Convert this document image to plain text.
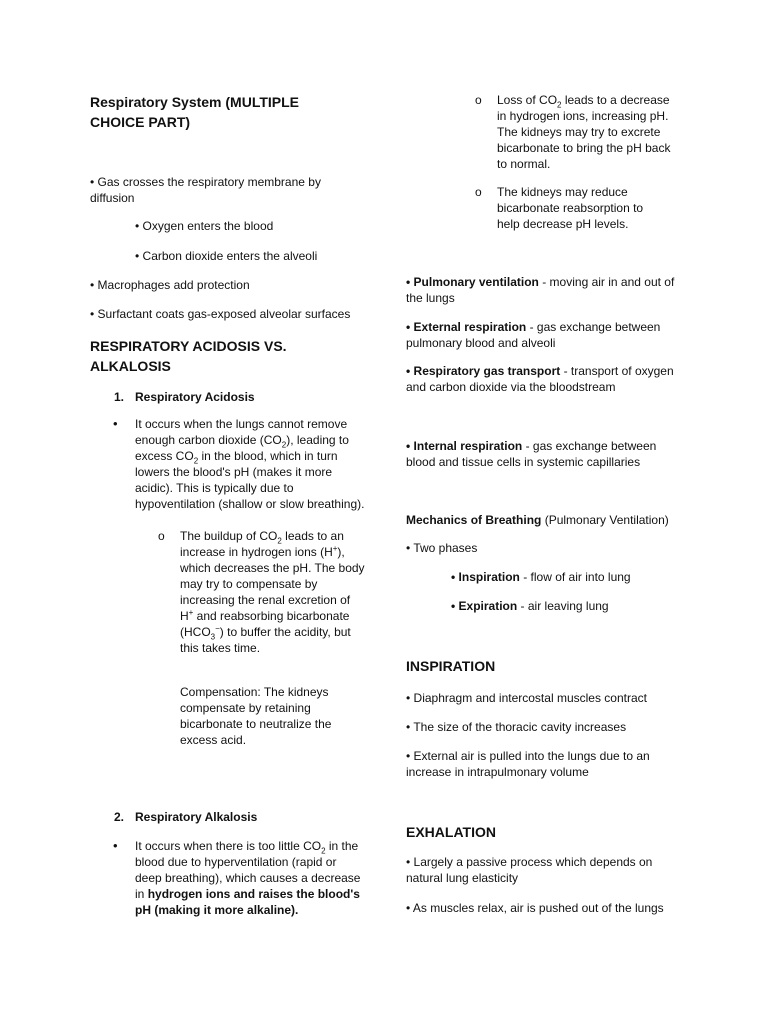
Respiratory System (MULTIPLE CHOICE PART)

• Gas crosses the respiratory membrane by diffusion

• Oxygen enters the blood

• Carbon dioxide enters the alveoli

• Macrophages add protection

• Surfactant coats gas-exposed alveolar surfaces

RESPIRATORY ACIDOSIS VS. ALKALOSIS
1. Respiratory Acidosis
• It occurs when the lungs cannot remove enough carbon dioxide $(CO_2)$, leading to excess $CO_2$ in the blood, which in turn lowers the blood's pH (makes it more acidic). This is typically due to hypoventilation (shallow or slow breathing).

o The buildup of $CO_2$ leads to an increase in hydrogen ions (H+), which decreases the pH. The body may try to compensate by increasing the renal excretion of H+ and reabsorbing bicarbonate $(HCO_3^-)$ to buffer the acidity, but this takes time.

Compensation: The kidneys compensate by retaining bicarbonate to neutralize the excess acid.

2. Respiratory Alkalosis
• It occurs when there is too little $CO_2$ in the blood due to hyperventilation (rapid or deep breathing), which causes a decrease in hydrogen ions and raises the blood's pH (making it more alkaline).

o Loss of $CO_2$ leads to a decrease in hydrogen ions, increasing pH. The kidneys may try to excrete bicarbonate to bring the pH back to normal.

o The kidneys may reduce bicarbonate reabsorption to help decrease pH levels.

• Pulmonary ventilation - moving air in and out of the lungs

• External respiration - gas exchange between pulmonary blood and alveoli

• Respiratory gas transport - transport of oxygen and carbon dioxide via the bloodstream

• Internal respiration - gas exchange between blood and tissue cells in systemic capillaries

Mechanics of Breathing (Pulmonary Ventilation)

• Two phases

• Inspiration - flow of air into lung

• Expiration - air leaving lung

INSPIRATION

• Diaphragm and intercostal muscles contract

• The size of the thoracic cavity increases

• External air is pulled into the lungs due to an increase in intrapulmonary volume

EXHALATION

• Largely a passive process which depends on natural lung elasticity

• As muscles relax, air is pushed out of the lungs
